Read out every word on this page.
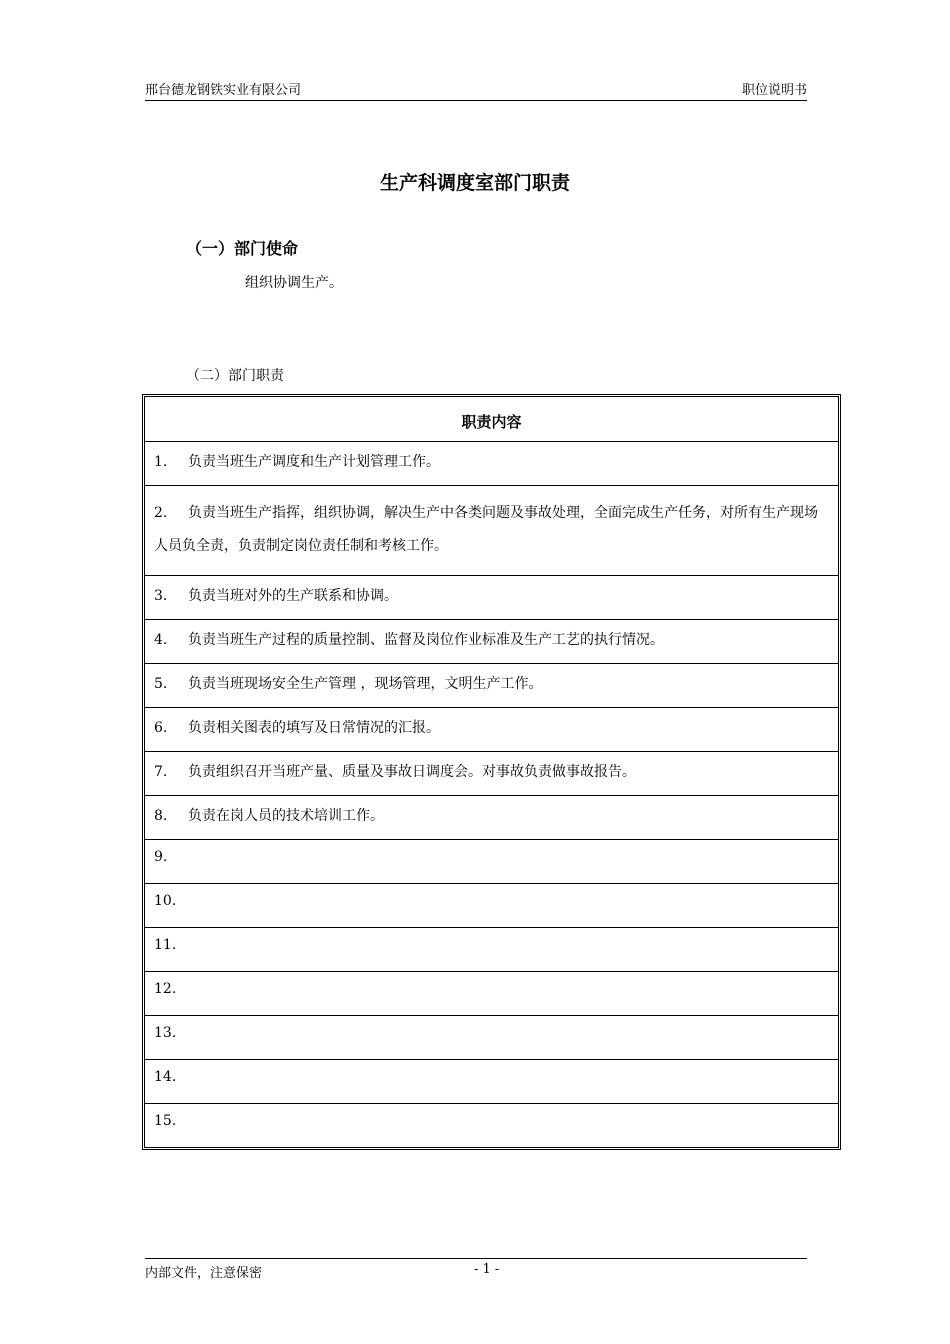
邢台德龙钢铁实业有限公司	职位说明书
生产科调度室部门职责
（一）部门使命
组织协调生产。
（二）部门职责
职责内容
1. 负责当班生产调度和生产计划管理工作。
2. 负责当班生产指挥，组织协调，解决生产中各类问题及事故处理，全面完成生产任务，对所有生产现场人员负全责，负责制定岗位责任制和考核工作。
3. 负责当班对外的生产联系和协调。
4. 负责当班生产过程的质量控制、监督及岗位作业标准及生产工艺的执行情况。
5. 负责当班现场安全生产管理 ，现场管理，文明生产工作。
6. 负责相关图表的填写及日常情况的汇报。
7. 负责组织召开当班产量、质量及事故日调度会。对事故负责做事故报告。
8. 负责在岗人员的技术培训工作。
9.
10.
11.
12.
13.
14.
15.
内部文件，注意保密	- 1 -
